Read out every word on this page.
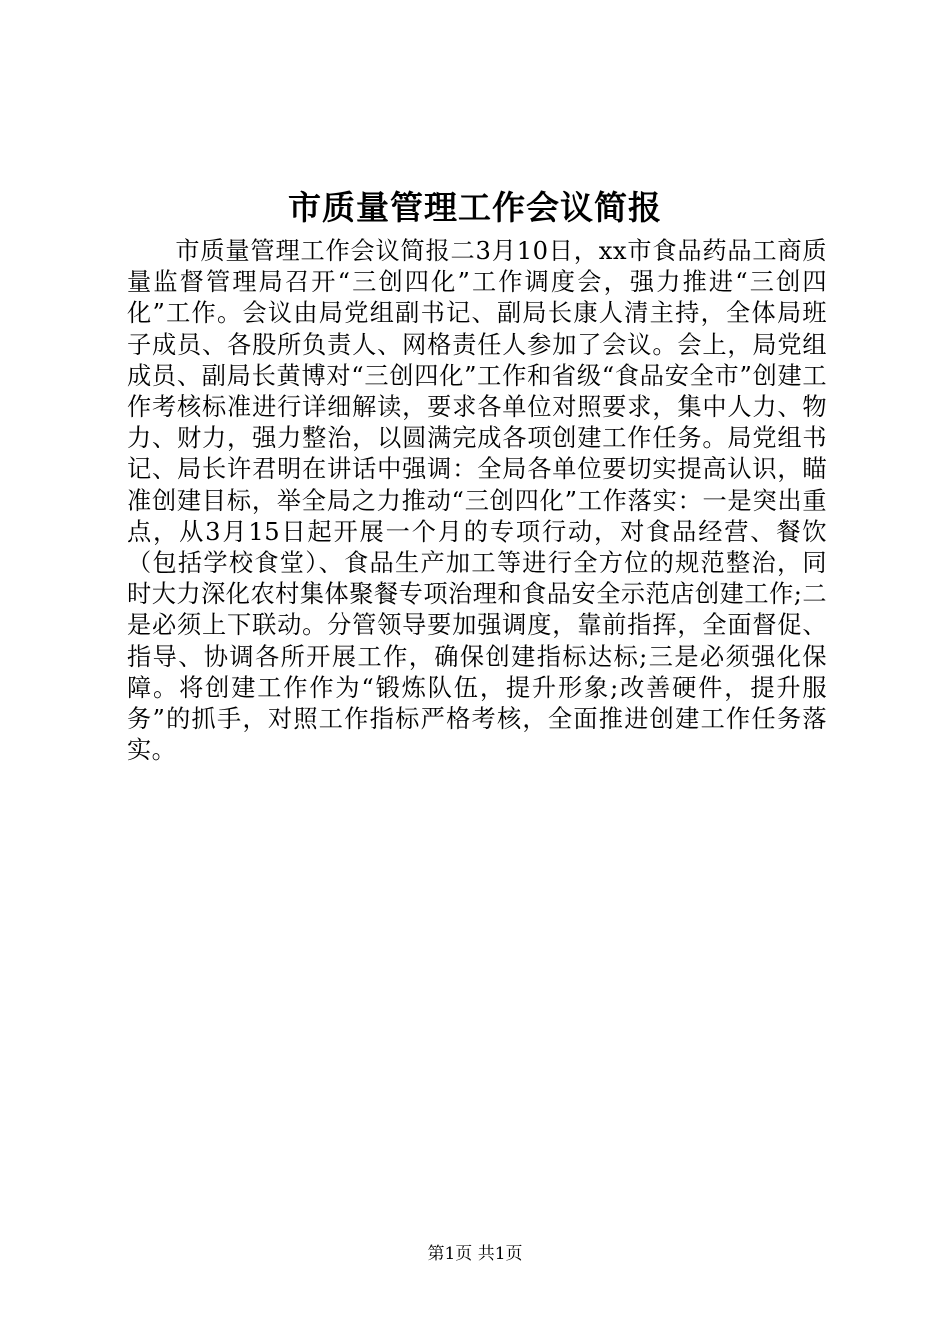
市质量管理工作会议简报

市质量管理工作会议简报二3月10日，xx市食品药品工商质量监督管理局召开“三创四化”工作调度会，强力推进“三创四化”工作。会议由局党组副书记、副局长康人清主持，全体局班子成员、各股所负责人、网格责任人参加了会议。会上，局党组成员、副局长黄博对“三创四化”工作和省级“食品安全市”创建工作考核标准进行详细解读，要求各单位对照要求，集中人力、物力、财力，强力整治，以圆满完成各项创建工作任务。局党组书记、局长许君明在讲话中强调：全局各单位要切实提高认识，瞄准创建目标，举全局之力推动“三创四化”工作落实：一是突出重点，从3月15日起开展一个月的专项行动，对食品经营、餐饮（包括学校食堂）、食品生产加工等进行全方位的规范整治，同时大力深化农村集体聚餐专项治理和食品安全示范店创建工作;二是必须上下联动。分管领导要加强调度，靠前指挥，全面督促、指导、协调各所开展工作，确保创建指标达标;三是必须强化保障。将创建工作作为“锻炼队伍，提升形象;改善硬件，提升服务”的抓手，对照工作指标严格考核，全面推进创建工作任务落实。

第1页 共1页
